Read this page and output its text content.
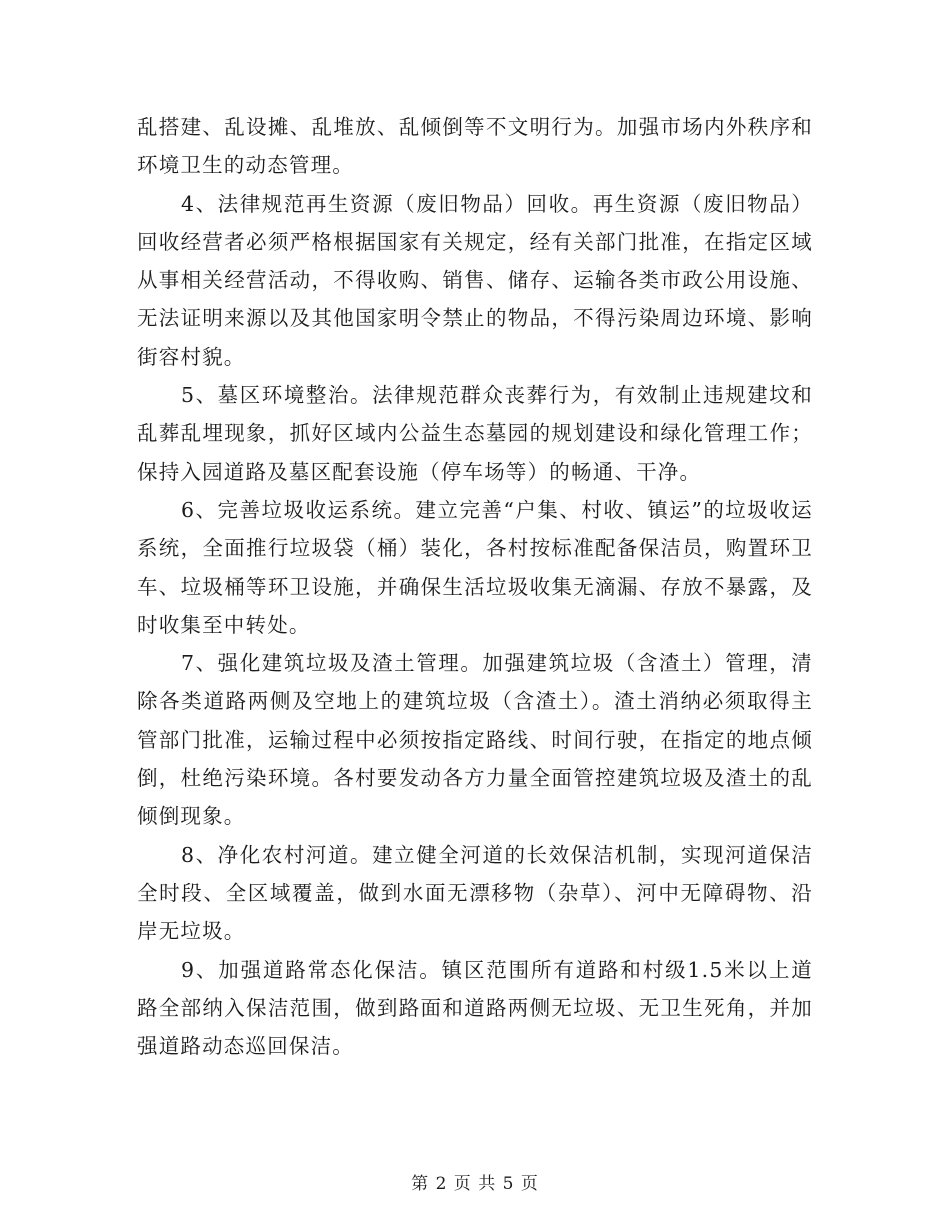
乱搭建、乱设摊、乱堆放、乱倾倒等不文明行为。加强市场内外秩序和环境卫生的动态管理。

4、法律规范再生资源（废旧物品）回收。再生资源（废旧物品）回收经营者必须严格根据国家有关规定，经有关部门批准，在指定区域从事相关经营活动，不得收购、销售、储存、运输各类市政公用设施、无法证明来源以及其他国家明令禁止的物品，不得污染周边环境、影响街容村貌。

5、墓区环境整治。法律规范群众丧葬行为，有效制止违规建坟和乱葬乱埋现象，抓好区域内公益生态墓园的规划建设和绿化管理工作；保持入园道路及墓区配套设施（停车场等）的畅通、干净。

6、完善垃圾收运系统。建立完善“户集、村收、镇运”的垃圾收运系统，全面推行垃圾袋（桶）装化，各村按标准配备保洁员，购置环卫车、垃圾桶等环卫设施，并确保生活垃圾收集无滴漏、存放不暴露，及时收集至中转处。

7、强化建筑垃圾及渣土管理。加强建筑垃圾（含渣土）管理，清除各类道路两侧及空地上的建筑垃圾（含渣土）。渣土消纳必须取得主管部门批准，运输过程中必须按指定路线、时间行驶，在指定的地点倾倒，杜绝污染环境。各村要发动各方力量全面管控建筑垃圾及渣土的乱倾倒现象。

8、净化农村河道。建立健全河道的长效保洁机制，实现河道保洁全时段、全区域覆盖，做到水面无漂移物（杂草）、河中无障碍物、沿岸无垃圾。

9、加强道路常态化保洁。镇区范围所有道路和村级1.5米以上道路全部纳入保洁范围，做到路面和道路两侧无垃圾、无卫生死角，并加强道路动态巡回保洁。

第 2 页 共 5 页
